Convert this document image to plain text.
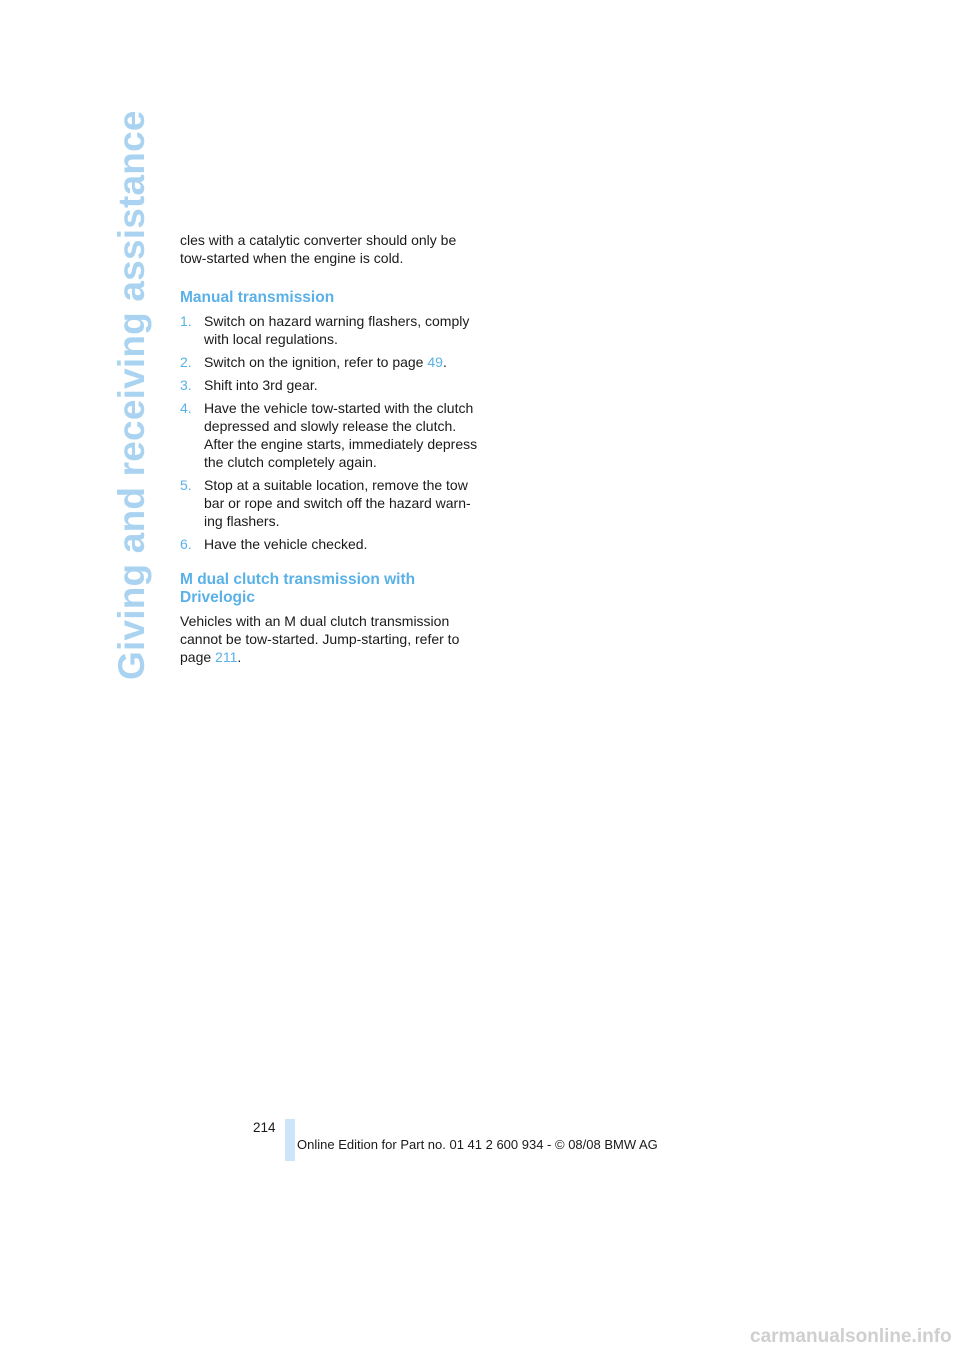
Giving and receiving assistance	cles with a catalytic converter should only be tow-started when the engine is cold.

Manual transmission
1. Switch on hazard warning flashers, comply with local regulations.
2. Switch on the ignition, refer to page 49.
3. Shift into 3rd gear.
4. Have the vehicle tow-started with the clutch depressed and slowly release the clutch. After the engine starts, immediately depress the clutch completely again.
5. Stop at a suitable location, remove the tow bar or rope and switch off the hazard warn-ing flashers.
6. Have the vehicle checked.
M dual clutch transmission with Drivelogic

Vehicles with an M dual clutch transmission cannot be tow-started. Jump-starting, refer to page 211.

214
Online Edition for Part no. 01 41 2 600 934 - © 08/08 BMW AG
carmanualsonline.info
